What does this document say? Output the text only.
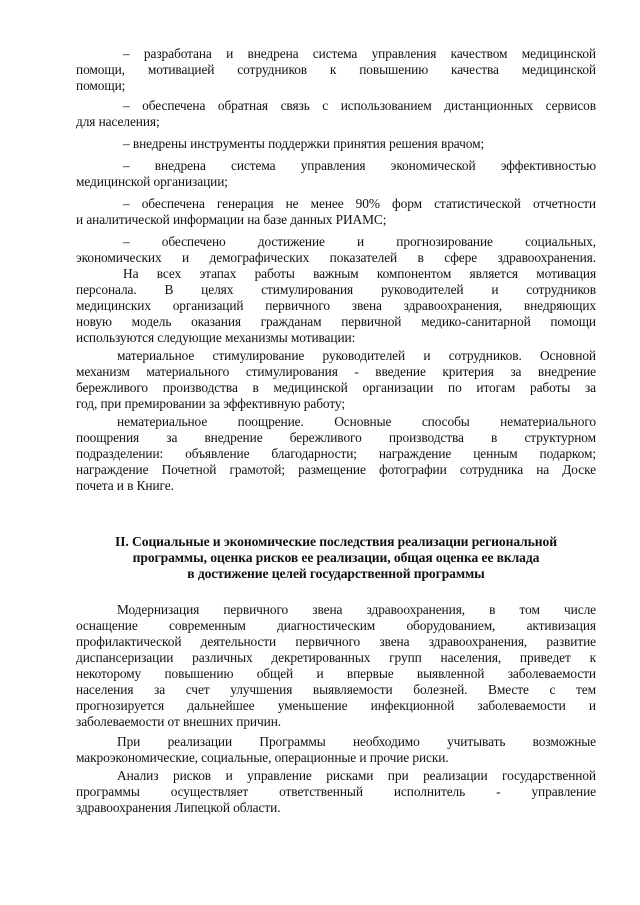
– разработана и внедрена система управления качеством медицинской
помощи, мотивацией сотрудников к повышению качества медицинской
помощи;
– обеспечена обратная связь с использованием дистанционных сервисов
для населения;
– внедрены инструменты поддержки принятия решения врачом;
– внедрена система управления экономической эффективностью
медицинской организации;
– обеспечена генерация не менее 90% форм статистической отчетности
и аналитической информации на базе данных РИАМС;
– обеспечено достижение и прогнозирование социальных,
экономических и демографических показателей в сфере здравоохранения.
На всех этапах работы важным компонентом является мотивация
персонала. В целях стимулирования руководителей и сотрудников
медицинских организаций первичного звена здравоохранения, внедряющих
новую модель оказания гражданам первичной медико-санитарной помощи
используются следующие механизмы мотивации:
материальное стимулирование руководителей и сотрудников. Основной
механизм материального стимулирования - введение критерия за внедрение
бережливого производства в медицинской организации по итогам работы за
год, при премировании за эффективную работу;
нематериальное поощрение. Основные способы нематериального
поощрения за внедрение бережливого производства в структурном
подразделении: объявление благодарности; награждение ценным подарком;
награждение Почетной грамотой; размещение фотографии сотрудника на Доске
почета и в Книге.
II. Социальные и экономические последствия реализации региональной
программы, оценка рисков ее реализации, общая оценка ее вклада
в достижение целей государственной программы
Модернизация первичного звена здравоохранения, в том числе
оснащение современным диагностическим оборудованием, активизация
профилактической деятельности первичного звена здравоохранения, развитие
диспансеризации различных декретированных групп населения, приведет к
некоторому повышению общей и впервые выявленной заболеваемости
населения за счет улучшения выявляемости болезней. Вместе с тем
прогнозируется дальнейшее уменьшение инфекционной заболеваемости и
заболеваемости от внешних причин.
При реализации Программы необходимо учитывать возможные
макроэкономические, социальные, операционные и прочие риски.
Анализ рисков и управление рисками при реализации государственной
программы осуществляет ответственный исполнитель - управление
здравоохранения Липецкой области.
